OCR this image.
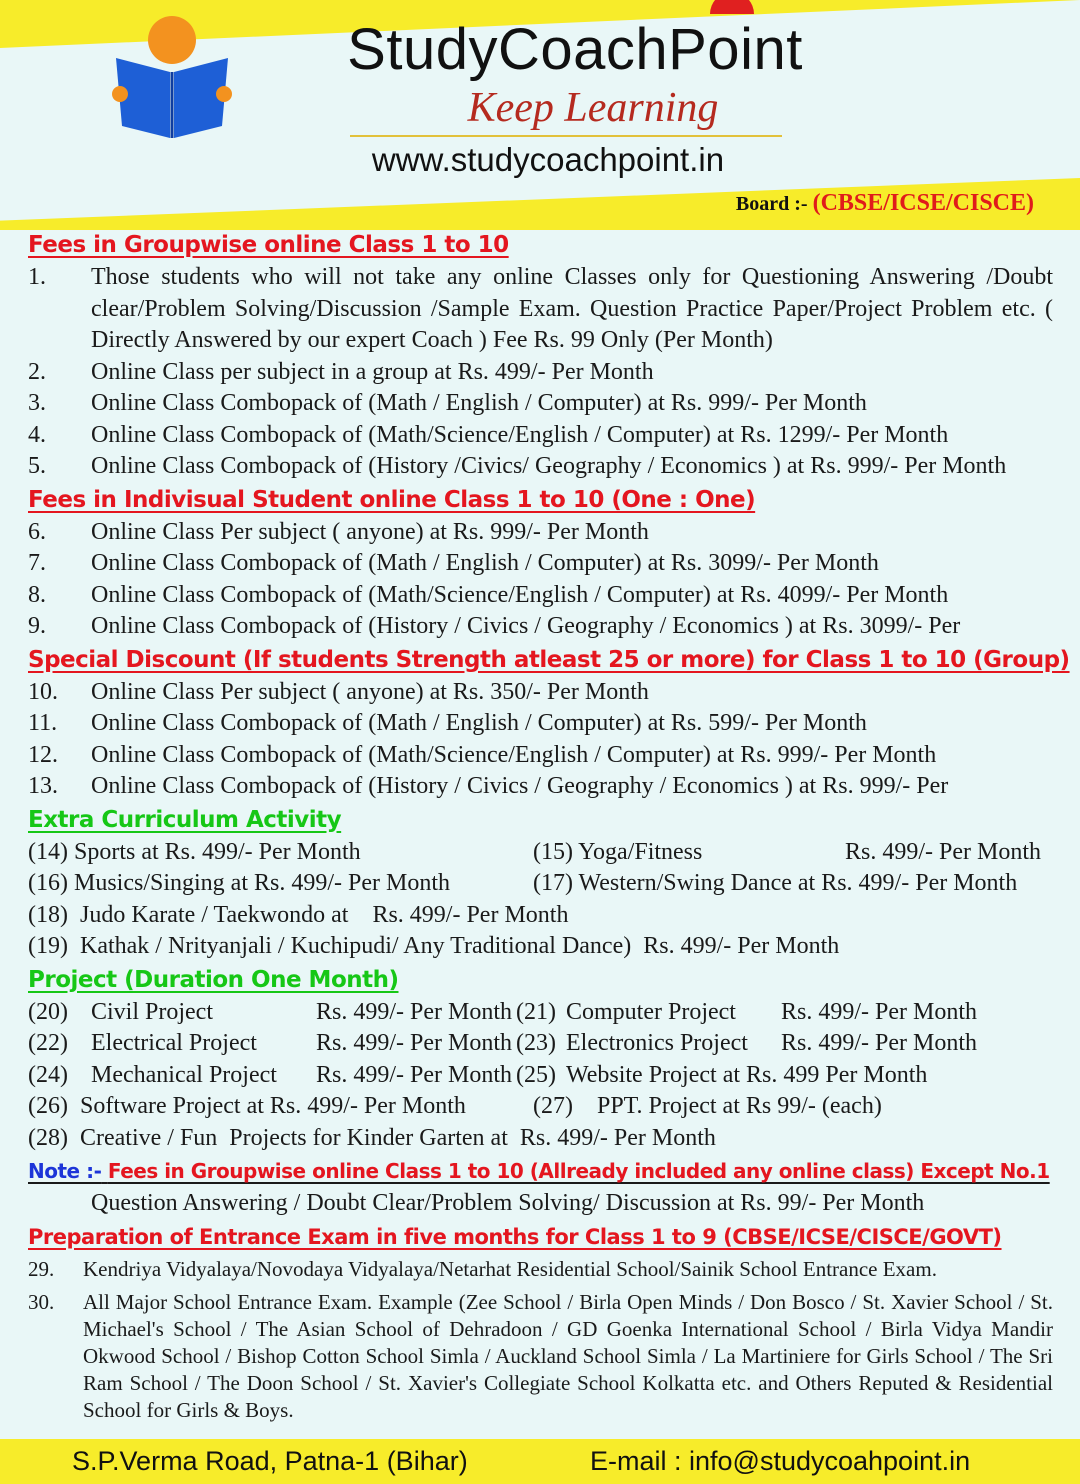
StudyCoachPoint
Keep Learning
www.studycoachpoint.in
Board :- (CBSE/ICSE/CISCE)
Fees in Groupwise online Class 1 to 10
1.	Those students who will not take any online Classes only for Questioning Answering /Doubt clear/Problem Solving/Discussion /Sample Exam. Question Practice Paper/Project Problem etc. ( Directly Answered by our expert Coach ) Fee Rs. 99 Only (Per Month)
2.	Online Class per subject in a group at Rs. 499/- Per Month
3.	Online Class Combopack of (Math / English / Computer) at Rs. 999/- Per Month
4.	Online Class Combopack of (Math/Science/English / Computer) at Rs. 1299/- Per Month
5.	Online Class Combopack of (History /Civics/ Geography / Economics ) at Rs. 999/- Per Month
Fees in Indivisual Student online Class 1 to 10 (One : One)
6.	Online Class Per subject ( anyone) at Rs. 999/- Per Month
7.	Online Class Combopack of (Math / English / Computer) at Rs. 3099/- Per Month
8.	Online Class Combopack of (Math/Science/English / Computer) at Rs. 4099/- Per Month
9.	Online Class Combopack of (History / Civics / Geography / Economics ) at Rs. 3099/- Per
Special Discount (If students Strength atleast 25 or more) for Class 1 to 10 (Group)
10.	Online Class Per subject ( anyone) at Rs. 350/- Per Month
11.	Online Class Combopack of (Math / English / Computer) at Rs. 599/- Per Month
12.	Online Class Combopack of (Math/Science/English / Computer) at Rs. 999/- Per Month
13.	Online Class Combopack of (History / Civics / Geography / Economics ) at Rs. 999/- Per
Extra Curriculum Activity
(14) Sports at Rs. 499/- Per Month	(15) Yoga/Fitness	Rs. 499/- Per Month
(16) Musics/Singing at Rs. 499/- Per Month	(17) Western/Swing Dance at Rs. 499/- Per Month
(18)  Judo Karate / Taekwondo at    Rs. 499/- Per Month
(19)  Kathak / Nrityanjali / Kuchipudi/ Any Traditional Dance)  Rs. 499/- Per Month
Project (Duration One Month)
(20) Civil Project	Rs. 499/- Per Month (21) Computer Project	Rs. 499/- Per Month
(22) Electrical Project	Rs. 499/- Per Month (23) Electronics Project	Rs. 499/- Per Month
(24) Mechanical Project	Rs. 499/- Per Month (25) Website Project at Rs. 499 Per Month
(26)  Software Project at Rs. 499/- Per Month	(27)    PPT. Project at Rs 99/- (each)
(28)  Creative / Fun  Projects for Kinder Garten at  Rs. 499/- Per Month
Note :- Fees in Groupwise online Class 1 to 10 (Allready included any online class) Except No.1
Question Answering / Doubt Clear/Problem Solving/ Discussion at Rs. 99/- Per Month
Preparation of Entrance Exam in five months for Class 1 to 9 (CBSE/ICSE/CISCE/GOVT)
29.	Kendriya Vidyalaya/Novodaya Vidyalaya/Netarhat Residential School/Sainik School Entrance Exam.
30.	All Major School Entrance Exam. Example (Zee School / Birla Open Minds / Don Bosco / St. Xavier School / St. Michael's School / The Asian School of Dehradoon / GD Goenka International School / Birla Vidya Mandir Okwood School / Bishop Cotton School Simla / Auckland School Simla / La Martiniere for Girls School / The Sri Ram School / The Doon School / St. Xavier's Collegiate School Kolkatta etc. and Others Reputed & Residential School for Girls & Boys.
S.P.Verma Road, Patna-1 (Bihar)	E-mail : info@studycoahpoint.in
